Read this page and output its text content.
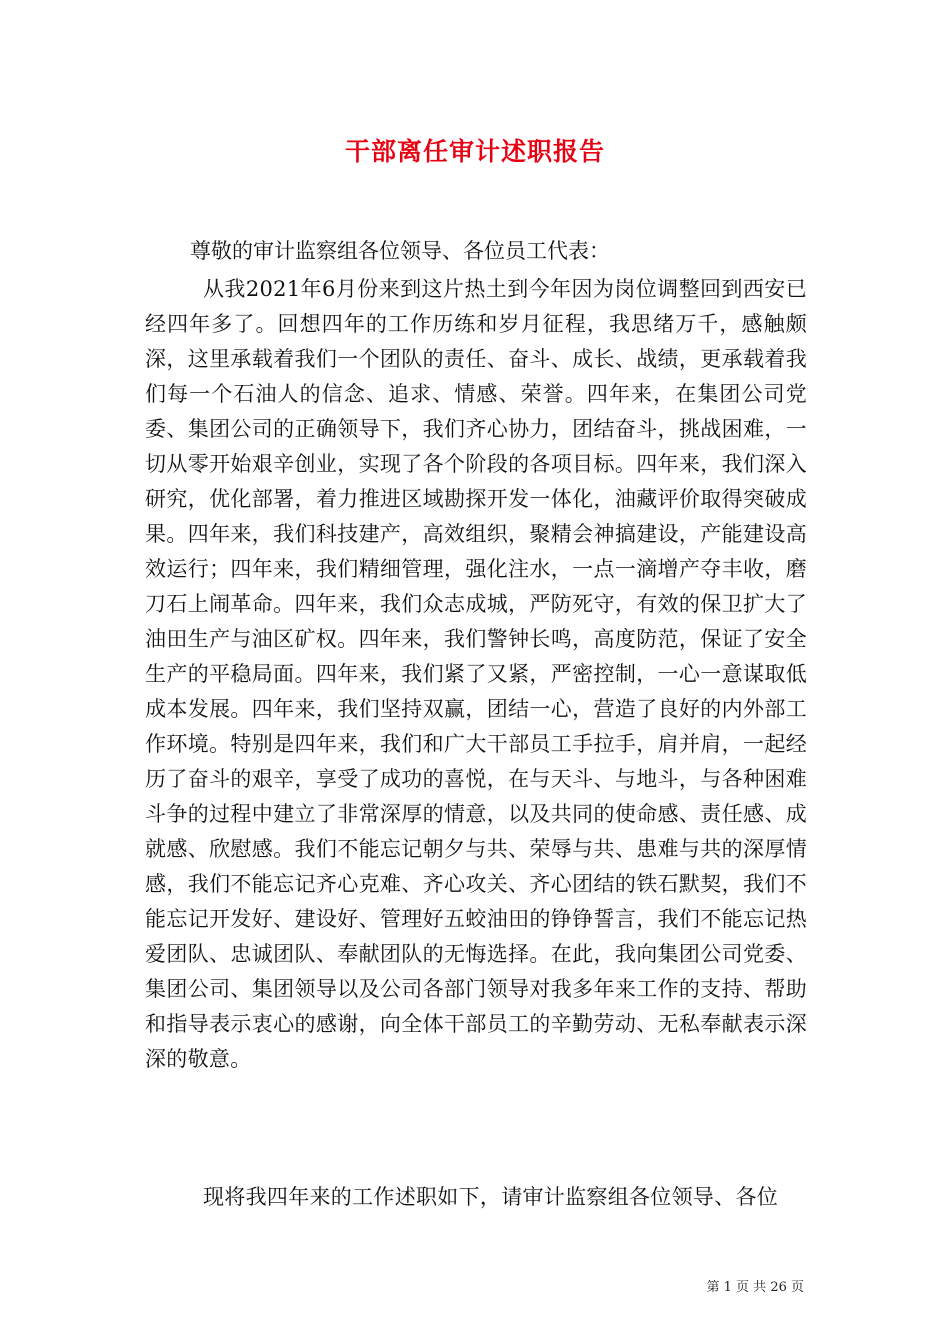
干部离任审计述职报告
尊敬的审计监察组各位领导、各位员工代表：
从我2021年6月份来到这片热土到今年因为岗位调整回到西安已经四年多了。回想四年的工作历练和岁月征程，我思绪万千，感触颇深，这里承载着我们一个团队的责任、奋斗、成长、战绩，更承载着我们每一个石油人的信念、追求、情感、荣誉。四年来，在集团公司党委、集团公司的正确领导下，我们齐心协力，团结奋斗，挑战困难，一切从零开始艰辛创业，实现了各个阶段的各项目标。四年来，我们深入研究，优化部署，着力推进区域勘探开发一体化，油藏评价取得突破成果。四年来，我们科技建产，高效组织，聚精会神搞建设，产能建设高效运行；四年来，我们精细管理，强化注水，一点一滴增产夺丰收，磨刀石上闹革命。四年来，我们众志成城，严防死守，有效的保卫扩大了油田生产与油区矿权。四年来，我们警钟长鸣，高度防范，保证了安全生产的平稳局面。四年来，我们紧了又紧，严密控制，一心一意谋取低成本发展。四年来，我们坚持双赢，团结一心，营造了良好的内外部工作环境。特别是四年来，我们和广大干部员工手拉手，肩并肩，一起经历了奋斗的艰辛，享受了成功的喜悦，在与天斗、与地斗，与各种困难斗争的过程中建立了非常深厚的情意，以及共同的使命感、责任感、成就感、欣慰感。我们不能忘记朝夕与共、荣辱与共、患难与共的深厚情感，我们不能忘记齐心克难、齐心攻关、齐心团结的铁石默契，我们不能忘记开发好、建设好、管理好五蛟油田的铮铮誓言，我们不能忘记热爱团队、忠诚团队、奉献团队的无悔选择。在此，我向集团公司党委、集团公司、集团领导以及公司各部门领导对我多年来工作的支持、帮助和指导表示衷心的感谢，向全体干部员工的辛勤劳动、无私奉献表示深深的敬意。
现将我四年来的工作述职如下，请审计监察组各位领导、各位
第 1 页 共 26 页
